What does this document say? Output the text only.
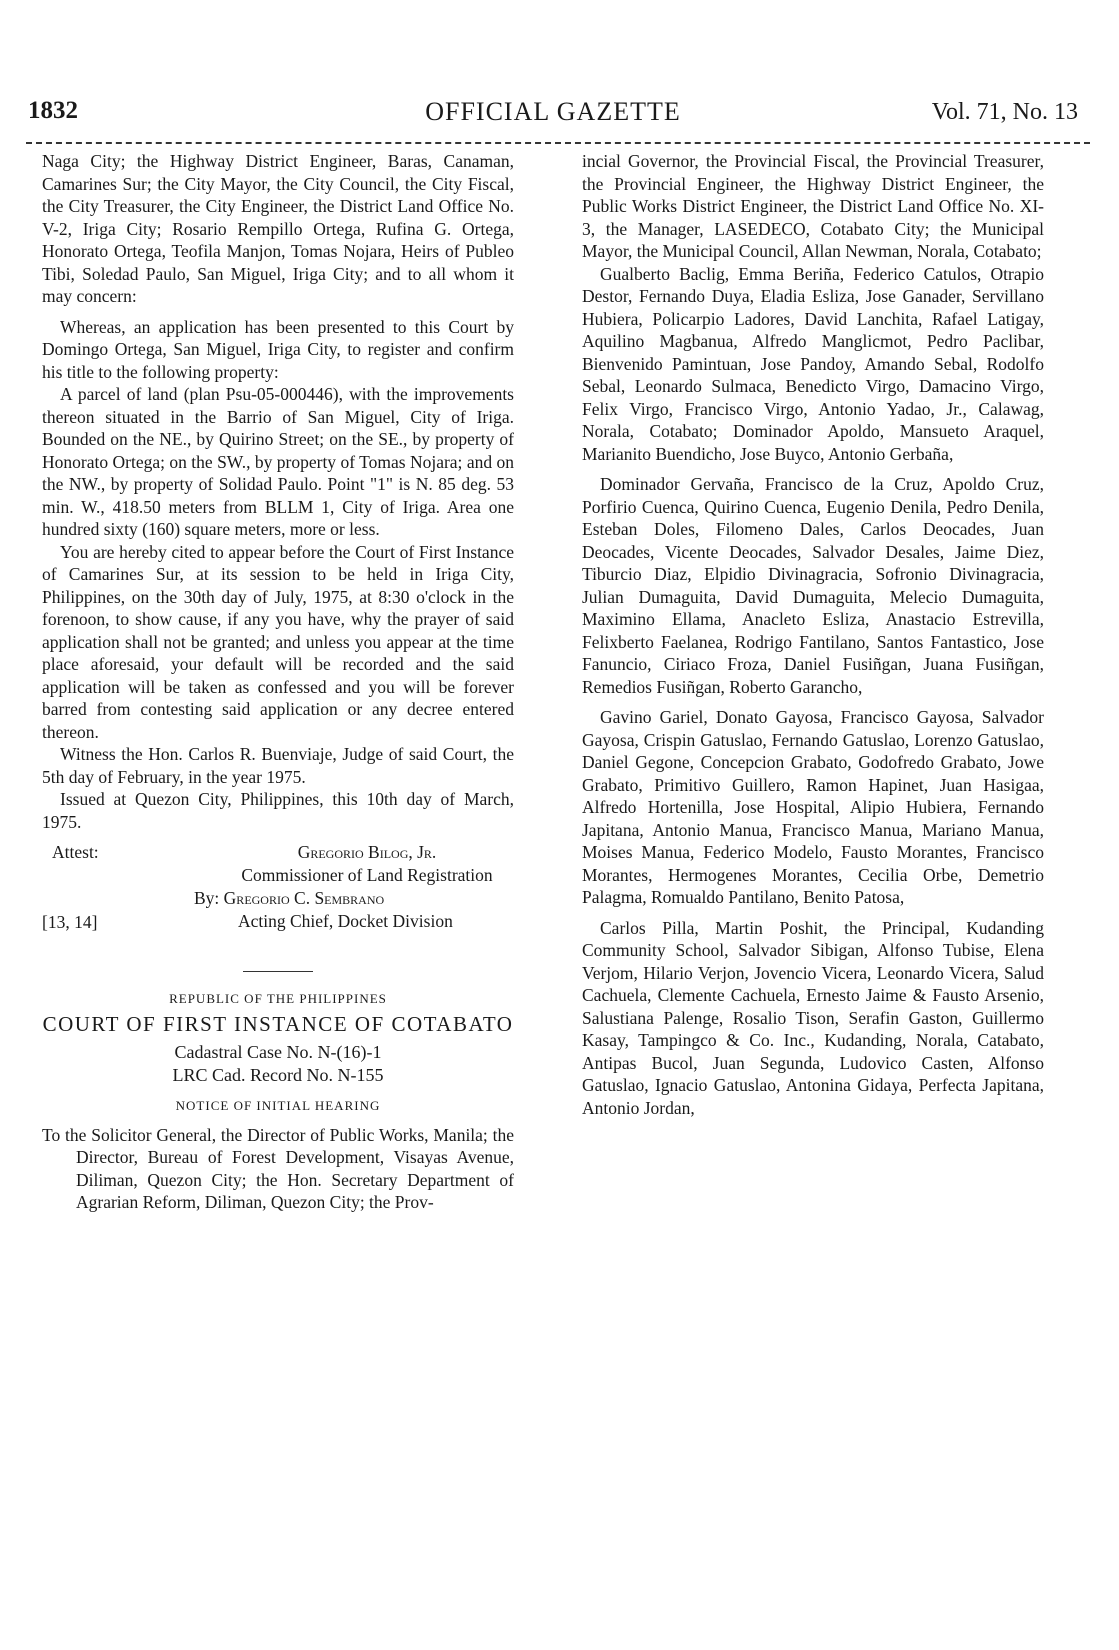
OFFICIAL GAZETTE
1832	Vol. 71, No. 13

Naga City; the Highway District Engineer, Baras, Canaman, Camarines Sur; the City Mayor, the City Council, the City Fiscal, the City Treasurer, the City Engineer, the District Land Office No. V-2, Iriga City; Rosario Rempillo Ortega, Rufina G. Ortega, Honorato Ortega, Teofila Manjon, Tomas Nojara, Heirs of Publeo Tibi, Soledad Paulo, San Miguel, Iriga City; and to all whom it may concern:

Whereas, an application has been presented to this Court by Domingo Ortega, San Miguel, Iriga City, to register and confirm his title to the following property:

A parcel of land (plan Psu-05-000446), with the improvements thereon situated in the Barrio of San Miguel, City of Iriga. Bounded on the NE., by Quirino Street; on the SE., by property of Honorato Ortega; on the SW., by property of Tomas Nojara; and on the NW., by property of Solidad Paulo. Point "1" is N. 85 deg. 53 min. W., 418.50 meters from BLLM 1, City of Iriga. Area one hundred sixty (160) square meters, more or less.

You are hereby cited to appear before the Court of First Instance of Camarines Sur, at its session to be held in Iriga City, Philippines, on the 30th day of July, 1975, at 8:30 o'clock in the forenoon, to show cause, if any you have, why the prayer of said application shall not be granted; and unless you appear at the time place aforesaid, your default will be recorded and the said application will be taken as confessed and you will be forever barred from contesting said application or any decree entered thereon.

Witness the Hon. Carlos R. Buenviaje, Judge of said Court, the 5th day of February, in the year 1975.

Issued at Quezon City, Philippines, this 10th day of March, 1975.

Attest:	Gregorio Bilog, Jr.
Commissioner of Land Registration
By: Gregorio C. Sembrano
Acting Chief, Docket Division
[13, 14]
REPUBLIC OF THE PHILIPPINES
COURT OF FIRST INSTANCE OF COTABATO
Cadastral Case No. N-(16)-1
LRC Cad. Record No. N-155
NOTICE OF INITIAL HEARING

To the Solicitor General, the Director of Public Works, Manila; the Director, Bureau of Forest Development, Visayas Avenue, Diliman, Quezon City; the Hon. Secretary Department of Agrarian Reform, Diliman, Quezon City; the Prov-

incial Governor, the Provincial Fiscal, the Provincial Treasurer, the Provincial Engineer, the Highway District Engineer, the Public Works District Engineer, the District Land Office No. XI-3, the Manager, LASEDECO, Cotabato City; the Municipal Mayor, the Municipal Council, Allan Newman, Norala, Cotabato;

Gualberto Baclig, Emma Beriña, Federico Catulos, Otrapio Destor, Fernando Duya, Eladia Esliza, Jose Ganader, Servillano Hubiera, Policarpio Ladores, David Lanchita, Rafael Latigay, Aquilino Magbanua, Alfredo Manglicmot, Pedro Paclibar, Bienvenido Pamintuan, Jose Pandoy, Amando Sebal, Rodolfo Sebal, Leonardo Sulmaca, Benedicto Virgo, Damacino Virgo, Felix Virgo, Francisco Virgo, Antonio Yadao, Jr., Calawag, Norala, Cotabato; Dominador Apoldo, Mansueto Araquel, Marianito Buendicho, Jose Buyco, Antonio Gerbaña,

Dominador Gervaña, Francisco de la Cruz, Apoldo Cruz, Porfirio Cuenca, Quirino Cuenca, Eugenio Denila, Pedro Denila, Esteban Doles, Filomeno Dales, Carlos Deocades, Juan Deocades, Vicente Deocades, Salvador Desales, Jaime Diez, Tiburcio Diaz, Elpidio Divinagracia, Sofronio Divinagracia, Julian Dumaguita, David Dumaguita, Melecio Dumaguita, Maximino Ellama, Anacleto Esliza, Anastacio Estrevilla, Felixberto Faelanea, Rodrigo Fantilano, Santos Fantastico, Jose Fanuncio, Ciriaco Froza, Daniel Fusiñgan, Juana Fusiñgan, Remedios Fusiñgan, Roberto Garancho,

Gavino Gariel, Donato Gayosa, Francisco Gayosa, Salvador Gayosa, Crispin Gatuslao, Fernando Gatuslao, Lorenzo Gatuslao, Daniel Gegone, Concepcion Grabato, Godofredo Grabato, Jowe Grabato, Primitivo Guillero, Ramon Hapinet, Juan Hasigaa, Alfredo Hortenilla, Jose Hospital, Alipio Hubiera, Fernando Japitana, Antonio Manua, Francisco Manua, Mariano Manua, Moises Manua, Federico Modelo, Fausto Morantes, Francisco Morantes, Hermogenes Morantes, Cecilia Orbe, Demetrio Palagma, Romualdo Pantilano, Benito Patosa,

Carlos Pilla, Martin Poshit, the Principal, Kudanding Community School, Salvador Sibigan, Alfonso Tubise, Elena Verjom, Hilario Verjon, Jovencio Vicera, Leonardo Vicera, Salud Cachuela, Clemente Cachuela, Ernesto Jaime & Fausto Arsenio, Salustiana Palenge, Rosalio Tison, Serafin Gaston, Guillermo Kasay, Tampingco & Co. Inc., Kudanding, Norala, Catabato, Antipas Bucol, Juan Segunda, Ludovico Casten, Alfonso Gatuslao, Ignacio Gatuslao, Antonina Gidaya, Perfecta Japitana, Antonio Jordan,
